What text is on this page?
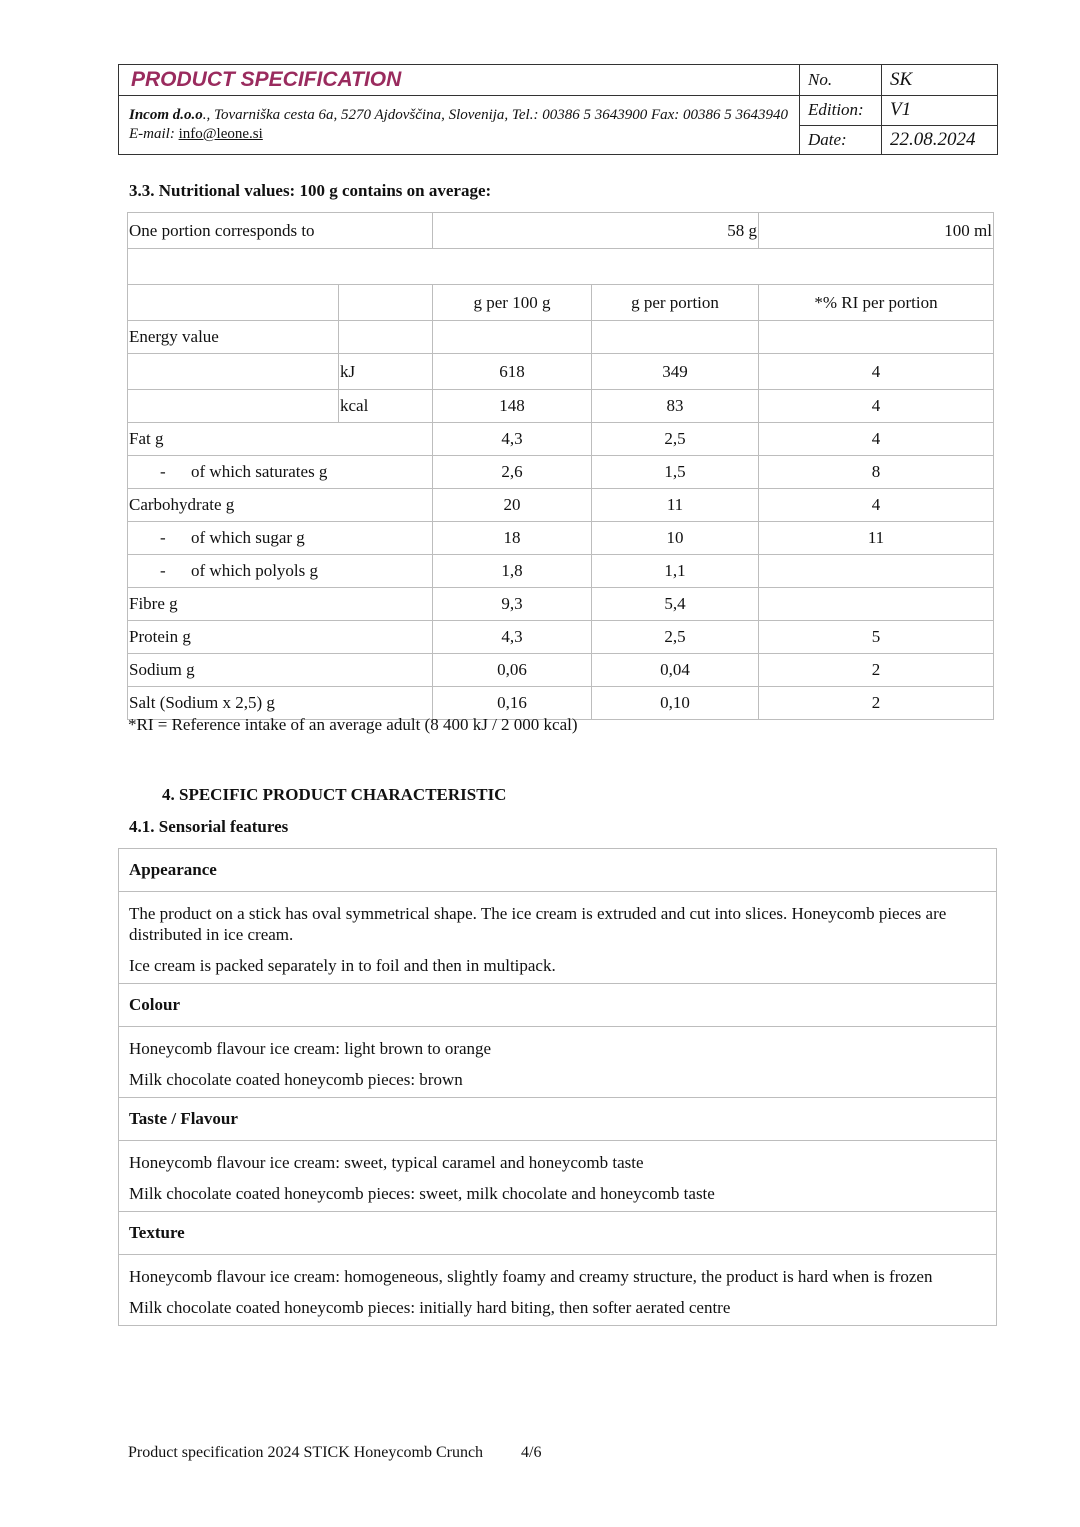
PRODUCT SPECIFICATION	No.	SK
Incom d.o.o., Tovarniška cesta 6a, 5270 Ajdovščina, Slovenija, Tel.: 00386 5 3643900 Fax: 00386 5 3643940 E-mail: info@leone.si	Edition:	V1
	Date:	22.08.2024
3.3. Nutritional values: 100 g contains on average:
One portion corresponds to		58 g		100 ml

		g per 100 g	g per portion	*% RI per portion
Energy value				
	kJ	618	349	4
	kcal	148	83	4
Fat g		4,3	2,5	4
- of which saturates g		2,6	1,5	8
Carbohydrate g		20	11	4
- of which sugar g		18	10	11
- of which polyols g		1,8	1,1	
Fibre g		9,3	5,4	
Protein g		4,3	2,5	5
Sodium g		0,06	0,04	2
Salt (Sodium x 2,5) g		0,16	0,10	2
*RI = Reference intake of an average adult (8 400 kJ / 2 000 kcal)
4. SPECIFIC PRODUCT CHARACTERISTIC
4.1. Sensorial features
Appearance

The product on a stick has oval symmetrical shape. The ice cream is extruded and cut into slices. Honeycomb pieces are distributed in ice cream.

Ice cream is packed separately in to foil and then in multipack.

Colour

Honeycomb flavour ice cream: light brown to orange

Milk chocolate coated honeycomb pieces: brown

Taste / Flavour

Honeycomb flavour ice cream: sweet, typical caramel and honeycomb taste

Milk chocolate coated honeycomb pieces: sweet, milk chocolate and honeycomb taste

Texture

Honeycomb flavour ice cream: homogeneous, slightly foamy and creamy structure, the product is hard when is frozen

Milk chocolate coated honeycomb pieces: initially hard biting, then softer aerated centre

Product specification 2024 STICK Honeycomb Crunch 4/6
